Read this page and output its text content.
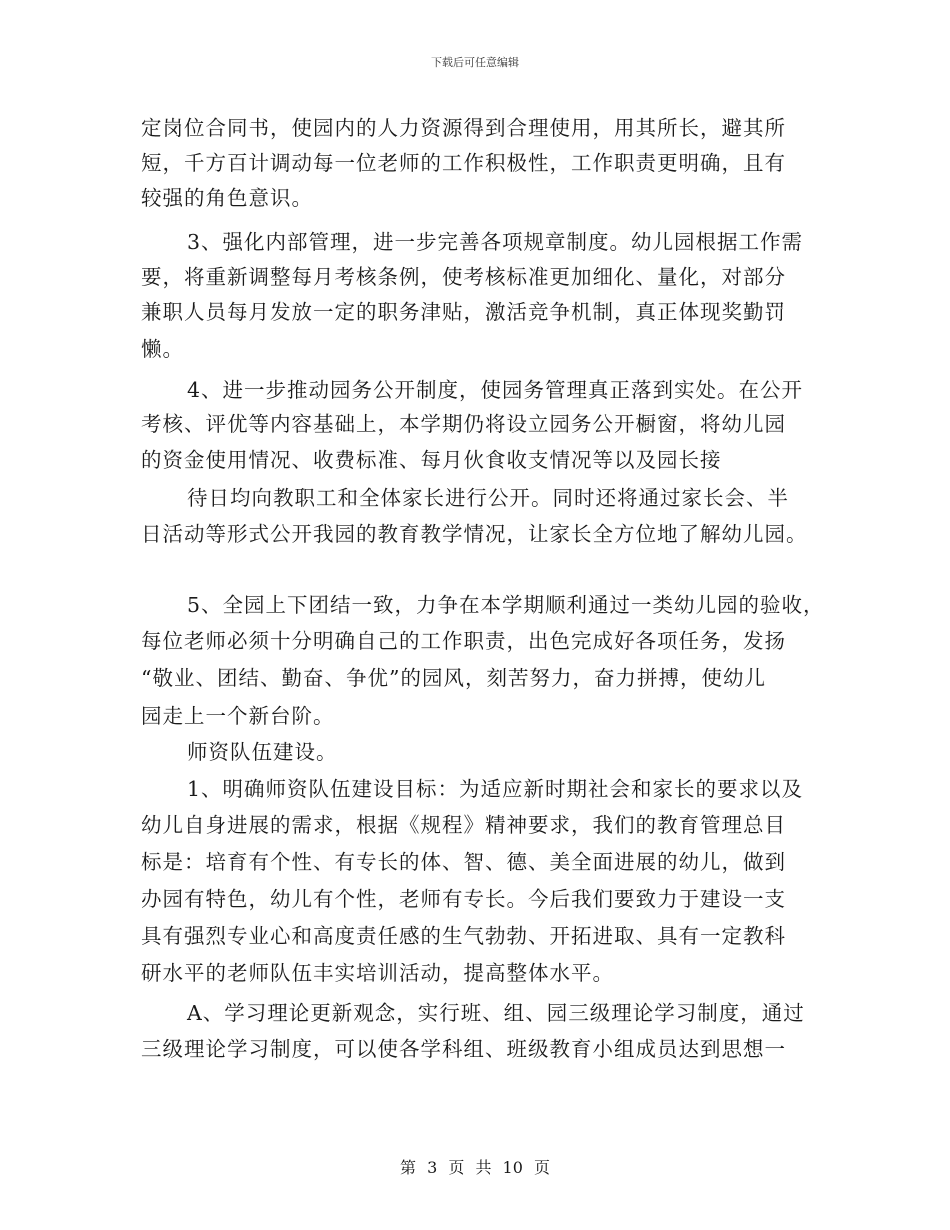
下载后可任意编辑
定岗位合同书，使园内的人力资源得到合理使用，用其所长，避其所
短，千方百计调动每一位老师的工作积极性，工作职责更明确，且有
较强的角色意识。
3、强化内部管理，进一步完善各项规章制度。幼儿园根据工作需
要，将重新调整每月考核条例，使考核标准更加细化、量化，对部分
兼职人员每月发放一定的职务津贴，激活竞争机制，真正体现奖勤罚
懒。
4、进一步推动园务公开制度，使园务管理真正落到实处。在公开
考核、评优等内容基础上，本学期仍将设立园务公开橱窗，将幼儿园
的资金使用情况、收费标准、每月伙食收支情况等以及园长接
待日均向教职工和全体家长进行公开。同时还将通过家长会、半
日活动等形式公开我园的教育教学情况，让家长全方位地了解幼儿园。
5、全园上下团结一致，力争在本学期顺利通过一类幼儿园的验收，
每位老师必须十分明确自己的工作职责，出色完成好各项任务，发扬
“敬业、团结、勤奋、争优”的园风，刻苦努力，奋力拼搏，使幼儿
园走上一个新台阶。
师资队伍建设。
1、明确师资队伍建设目标：为适应新时期社会和家长的要求以及
幼儿自身进展的需求，根据《规程》精神要求，我们的教育管理总目
标是：培育有个性、有专长的体、智、德、美全面进展的幼儿，做到
办园有特色，幼儿有个性，老师有专长。今后我们要致力于建设一支
具有强烈专业心和高度责任感的生气勃勃、开拓进取、具有一定教科
研水平的老师队伍丰实培训活动，提高整体水平。
A、学习理论更新观念，实行班、组、园三级理论学习制度，通过
三级理论学习制度，可以使各学科组、班级教育小组成员达到思想一
第 3 页 共 10 页
